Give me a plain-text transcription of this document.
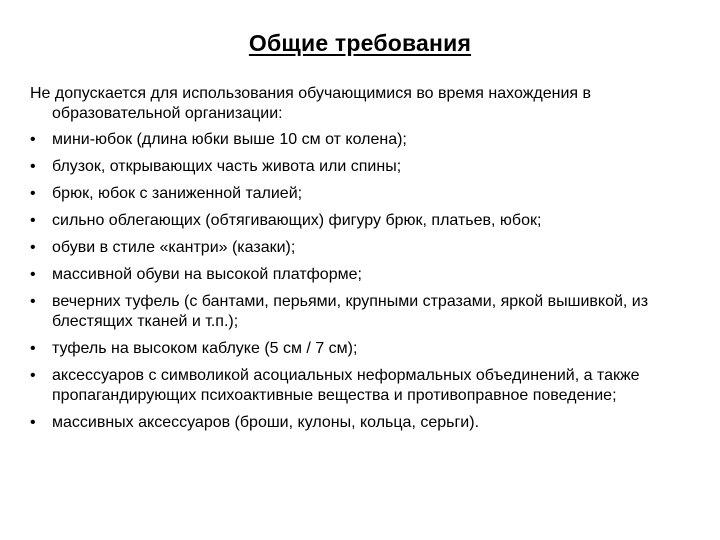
Общие требования

Не допускается для использования обучающимися во время нахождения в образовательной организации:

• мини-юбок (длина юбки выше 10 см от колена);
• блузок, открывающих часть живота или спины;
• брюк, юбок с заниженной талией;
• сильно облегающих (обтягивающих) фигуру брюк, платьев, юбок;
• обуви в стиле «кантри» (казаки);
• массивной обуви на высокой платформе;
• вечерних туфель (с бантами, перьями, крупными стразами, яркой вышивкой, из блестящих тканей и т.п.);
• туфель на высоком каблуке (5 см / 7 см);
• аксессуаров с символикой асоциальных неформальных объединений, а также пропагандирующих психоактивные вещества и противоправное поведение;
• массивных аксессуаров (броши, кулоны, кольца, серьги).
